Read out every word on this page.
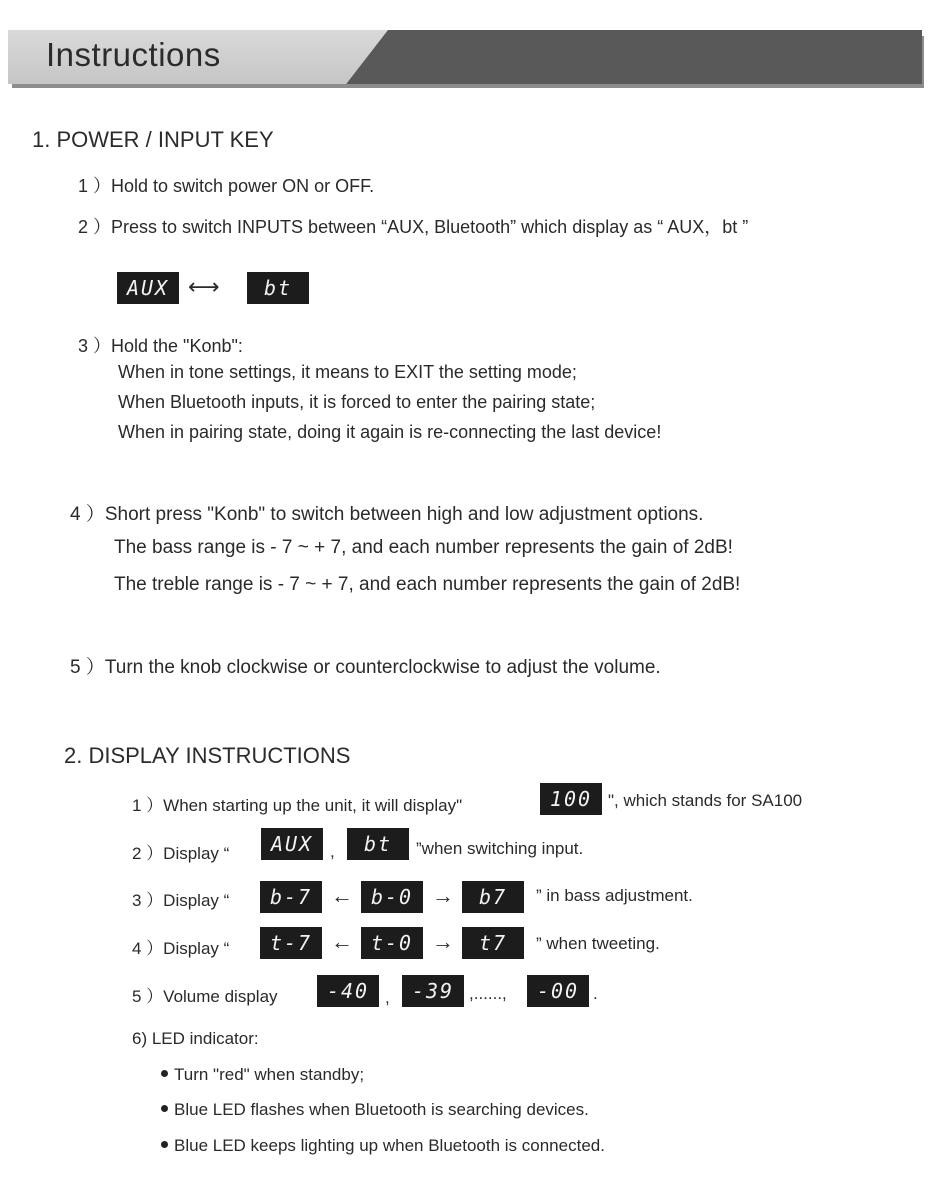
Instructions
1. POWER / INPUT KEY
1 ）Hold to switch power ON or OFF.
2 ）Press to switch INPUTS between “AUX, Bluetooth” which display as “ AUX，bt ”
AUX ⟷	bt
3 ）Hold the "Konb":
When in tone settings, it means to EXIT the setting mode;
When Bluetooth inputs, it is forced to enter the pairing state;
When in pairing state, doing it again is re-connecting the last device!
4 ）Short press "Konb" to switch between high and low adjustment options.
The bass range is - 7 ~ + 7, and each number represents the gain of 2dB!
The treble range is - 7 ~ + 7, and each number represents the gain of 2dB!
5 ）Turn the knob clockwise or counterclockwise to adjust the volume.
2. DISPLAY INSTRUCTIONS
1 ）When starting up the unit, it will display"	100 ", which stands for SA100
2 ）Display “	AUX ,	bt	”when switching input.
3 ）Display “	b-7 ← b-0 →	b7	” in bass adjustment.
4 ）Display “	t-7 ← t-0 →	t7	” when tweeting.
5 ）Volume display	-40 ,	-39 ,......,	-00 .
6) LED indicator:
Turn "red" when standby;
Blue LED flashes when Bluetooth is searching devices.
Blue LED keeps lighting up when Bluetooth is connected.
